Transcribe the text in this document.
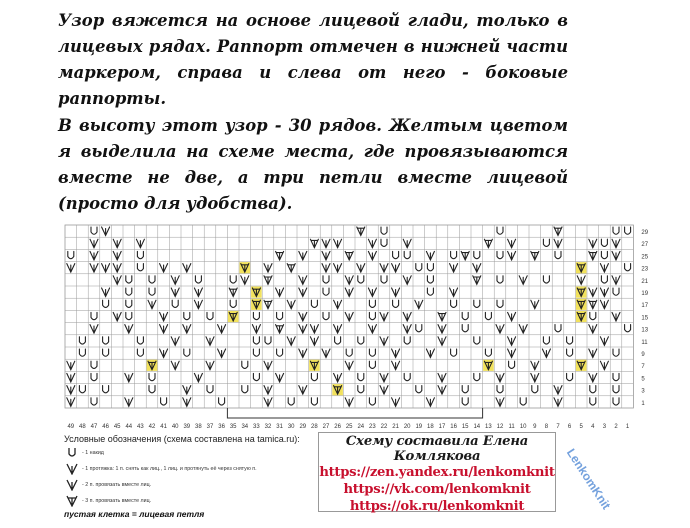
Узор вяжется на основе лицевой глади, только в лицевых рядах. Раппорт отмечен в нижней части маркером, справа и слева от него - боковые раппорты.
В высоту этот узор - 30 рядов. Желтым цветом я выделила на схеме места, где провязываются вместе не две, а три петли вместе лицевой (просто для удобства).
29
27
25
23
21
19
17
15
13
11
9
7
5
3
1
49 48 47 46 45 44 43 42 41 40 39 38 37 36 35 34 33 32 31 30 29 28 27 26 25 24 23 22 21 20 19 18 17 16 15 14 13 12 11 10 9 8 7 6 5 4 3 2 1
LenkomKnit
Условные обозначения (схема составлена на tamica.ru):
- 1 накид
- 1 протяжка: 1 п. снять как лиц., 1 лиц. и протянуть её через снятую п.
- 2 п. провязать вместе лиц.
- 3 п. провязать вместе лиц.
пустая клетка = лицевая петля
Схему составила Елена Комлякова
https://zen.yandex.ru/lenkomknit
https://vk.com/lenkomknit
https://ok.ru/lenkomknit
